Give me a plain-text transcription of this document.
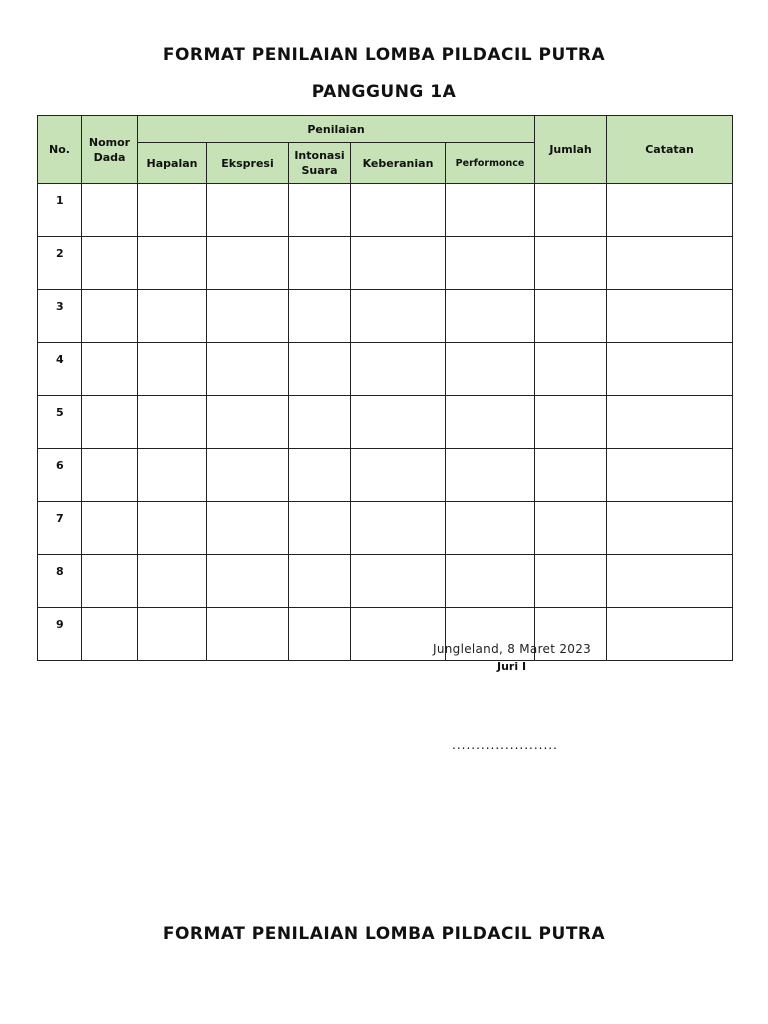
FORMAT PENILAIAN LOMBA PILDACIL PUTRA
PANGGUNG 1A
No.	Nomor Dada	Penilaian					Jumlah	Catatan
		Hapalan	Ekspresi	Intonasi Suara	Keberanian	Performonce		
1								
2								
3								
4								
5								
6								
7								
8								
9								
Jungleland, 8 Maret 2023
Juri I
......................
FORMAT PENILAIAN LOMBA PILDACIL PUTRA
